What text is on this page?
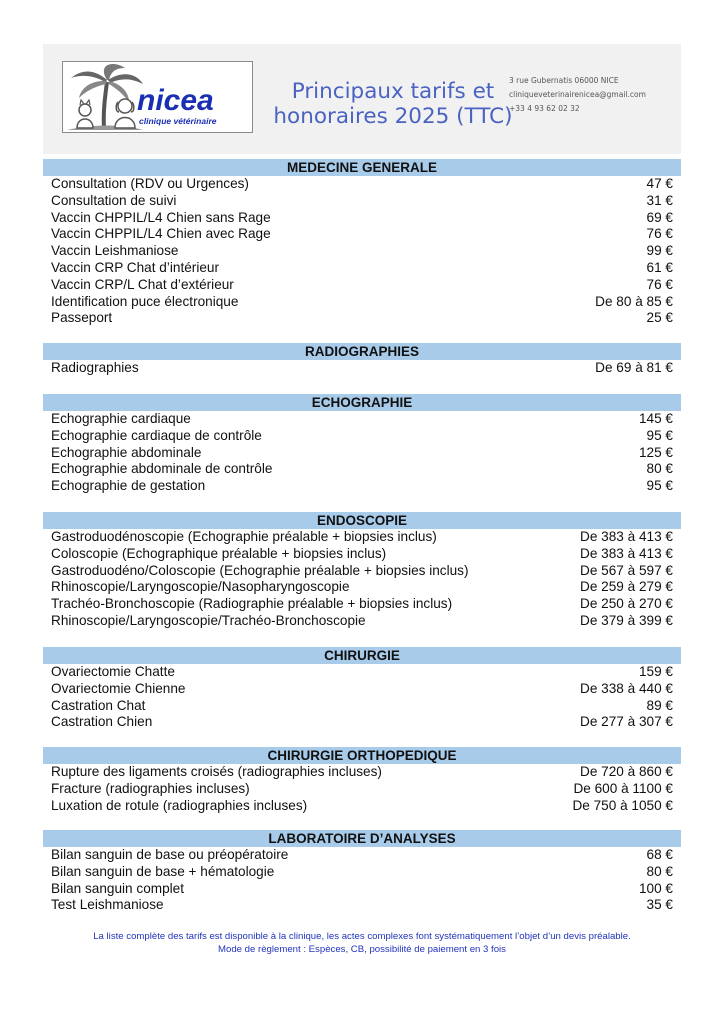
nicea
clinique vétérinaire
Principaux tarifs et
honoraires 2025 (TTC)
3 rue Gubernatis 06000 NICE
cliniqueveterinairenicea@gmail.com
+33 4 93 62 02 32
MEDECINE GENERALE
Consultation (RDV ou Urgences)	47 €
Consultation de suivi	31 €
Vaccin CHPPIL/L4 Chien sans Rage	69 €
Vaccin CHPPIL/L4 Chien avec Rage	76 €
Vaccin Leishmaniose	99 €
Vaccin CRP Chat d’intérieur	61 €
Vaccin CRP/L Chat d’extérieur	76 €
Identification puce électronique	De 80 à 85 €
Passeport	25 €
RADIOGRAPHIES
Radiographies	De 69 à 81 €
ECHOGRAPHIE
Echographie cardiaque	145 €
Echographie cardiaque de contrôle	95 €
Echographie abdominale	125 €
Echographie abdominale de contrôle	80 €
Echographie de gestation	95 €
ENDOSCOPIE
Gastroduodénoscopie (Echographie préalable + biopsies inclus)	De 383 à 413 €
Coloscopie (Echographique préalable + biopsies inclus)	De 383 à 413 €
Gastroduodéno/Coloscopie (Echographie préalable + biopsies inclus)	De 567 à 597 €
Rhinoscopie/Laryngoscopie/Nasopharyngoscopie	De 259 à 279 €
Trachéo-Bronchoscopie (Radiographie préalable + biopsies inclus)	De 250 à 270 €
Rhinoscopie/Laryngoscopie/Trachéo-Bronchoscopie	De 379 à 399 €
CHIRURGIE
Ovariectomie Chatte	159 €
Ovariectomie Chienne	De 338 à 440 €
Castration Chat	89 €
Castration Chien	De 277 à 307 €
CHIRURGIE ORTHOPEDIQUE
Rupture des ligaments croisés (radiographies incluses)	De 720 à 860 €
Fracture (radiographies incluses)	De 600 à 1100 €
Luxation de rotule (radiographies incluses)	De 750 à 1050 €
LABORATOIRE D’ANALYSES
Bilan sanguin de base ou préopératoire	68 €
Bilan sanguin de base + hématologie	80 €
Bilan sanguin complet	100 €
Test Leishmaniose	35 €
La liste complète des tarifs est disponible à la clinique, les actes complexes font systématiquement l’objet d’un devis préalable.
Mode de règlement : Espèces, CB, possibilité de paiement en 3 fois
